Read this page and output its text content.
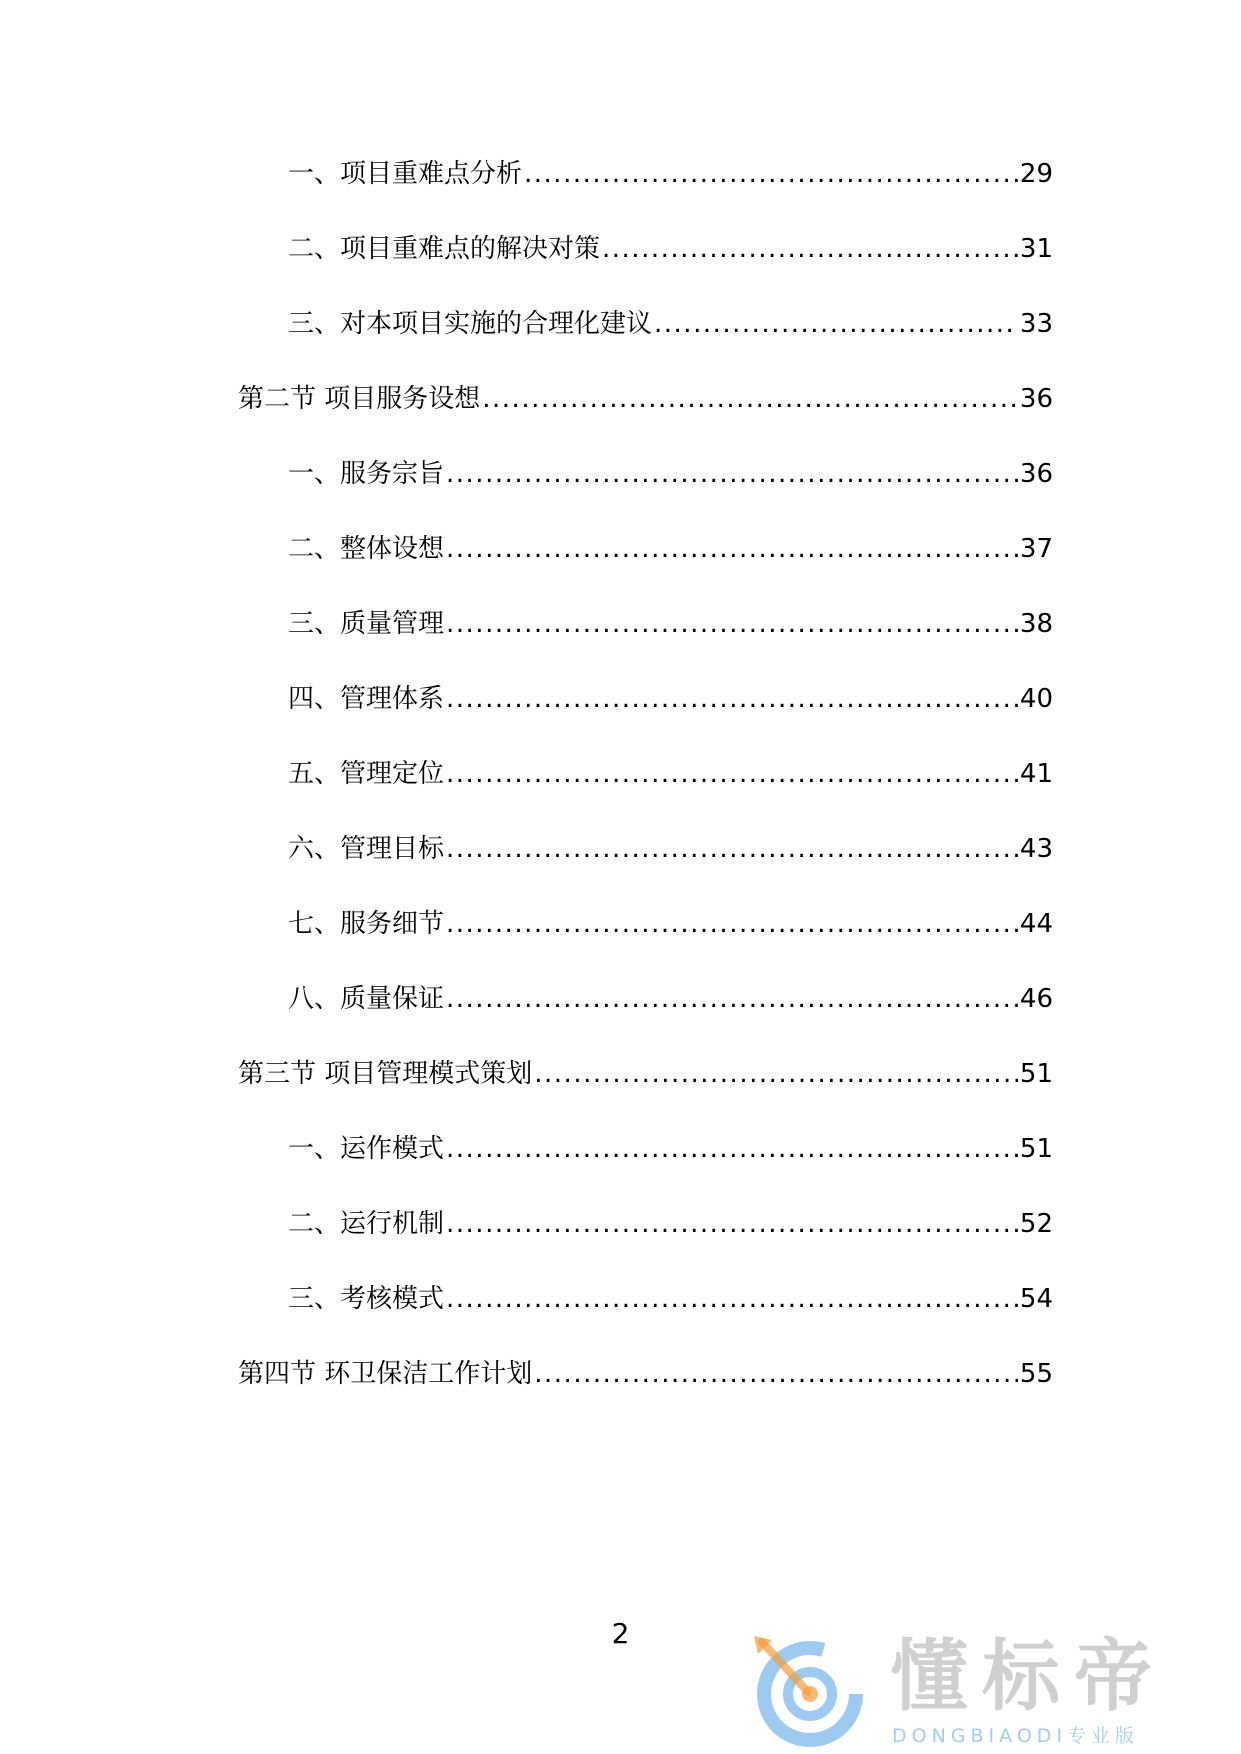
一、项目重难点分析 .....	29
二、项目重难点的解决对策 .....	31
三、对本项目实施的合理化建议 .....	33
第二节 项目服务设想 .....	36
一、服务宗旨 .....	36
二、整体设想 .....	37
三、质量管理 .....	38
四、管理体系 .....	40
五、管理定位 .....	41
六、管理目标 .....	43
七、服务细节 .....	44
八、质量保证 .....	46
第三节 项目管理模式策划 .....	51
一、运作模式 .....	51
二、运行机制 .....	52
三、考核模式 .....	54
第四节 环卫保洁工作计划 .....	55
2	懂标帝
DONGBIAODI专业版
